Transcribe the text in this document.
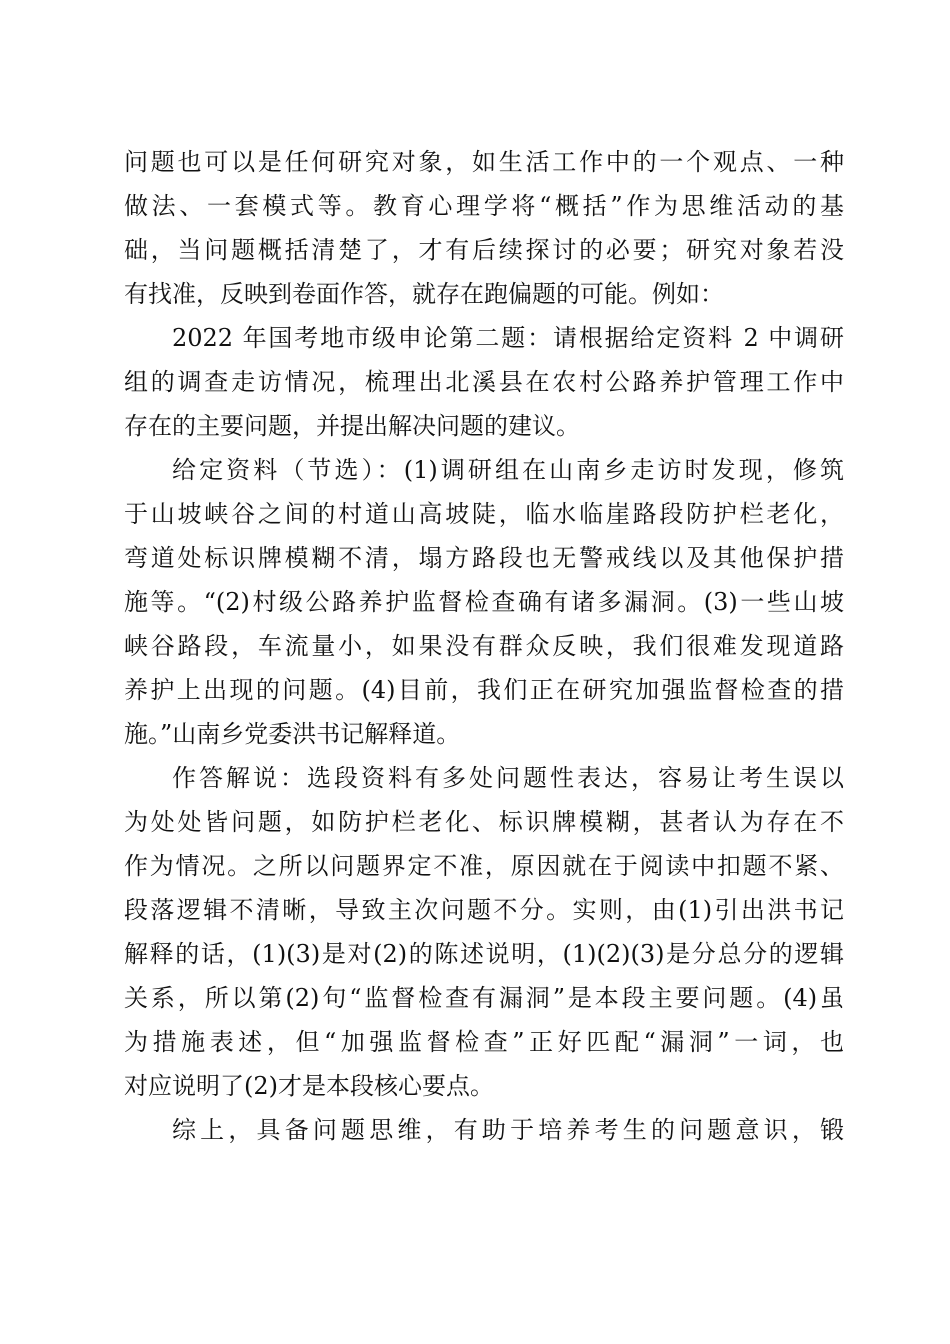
问题也可以是任何研究对象，如生活工作中的一个观点、一种
做法、一套模式等。教育心理学将“概括”作为思维活动的基
础，当问题概括清楚了，才有后续探讨的必要；研究对象若没
有找准，反映到卷面作答，就存在跑偏题的可能。例如：
2022 年国考地市级申论第二题：请根据给定资料 2 中调研
组的调查走访情况，梳理出北溪县在农村公路养护管理工作中
存在的主要问题，并提出解决问题的建议。
给定资料（节选）：(1)调研组在山南乡走访时发现，修筑
于山坡峡谷之间的村道山高坡陡，临水临崖路段防护栏老化，
弯道处标识牌模糊不清，塌方路段也无警戒线以及其他保护措
施等。“(2)村级公路养护监督检查确有诸多漏洞。(3)一些山坡
峡谷路段，车流量小，如果没有群众反映，我们很难发现道路
养护上出现的问题。(4)目前，我们正在研究加强监督检查的措
施。”山南乡党委洪书记解释道。
作答解说：选段资料有多处问题性表达，容易让考生误以
为处处皆问题，如防护栏老化、标识牌模糊，甚者认为存在不
作为情况。之所以问题界定不准，原因就在于阅读中扣题不紧、
段落逻辑不清晰，导致主次问题不分。实则，由(1)引出洪书记
解释的话，(1)(3)是对(2)的陈述说明，(1)(2)(3)是分总分的逻辑
关系，所以第(2)句“监督检查有漏洞”是本段主要问题。(4)虽
为措施表述，但“加强监督检查”正好匹配“漏洞”一词，也
对应说明了(2)才是本段核心要点。
综上，具备问题思维，有助于培养考生的问题意识，锻
